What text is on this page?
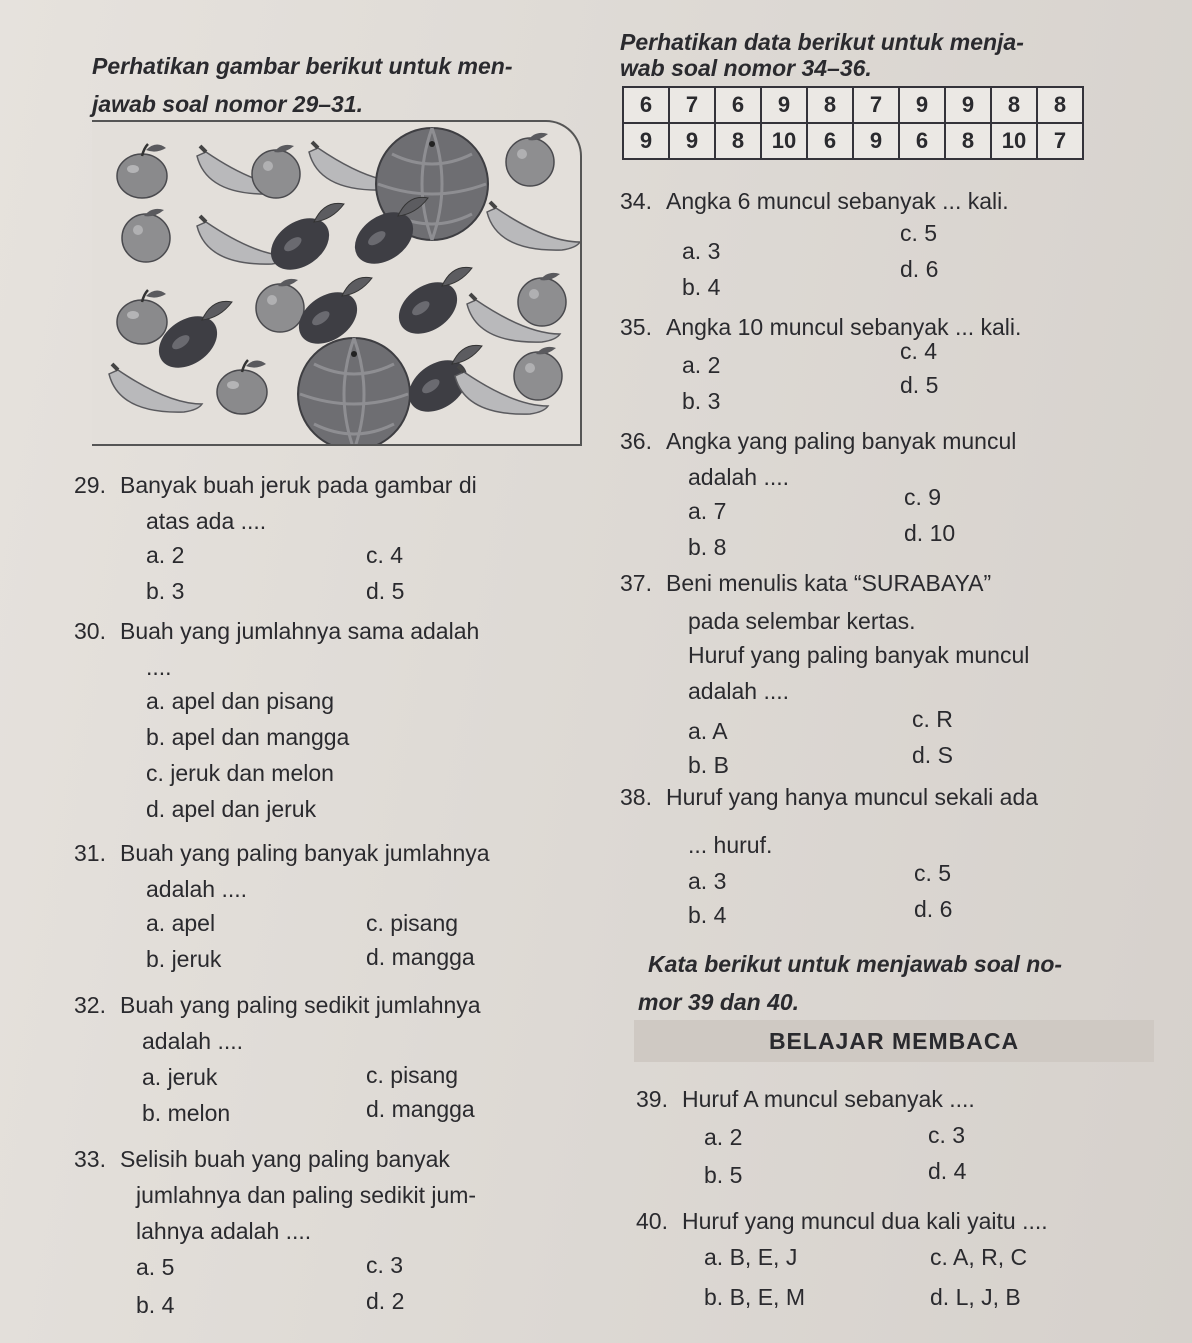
Perhatikan gambar berikut untuk men-
jawab soal nomor 29–31.
Perhatikan data berikut untuk menja-
wab soal nomor 34–36.
6	7	6	9	8	7	9	9	8	8
9	9	8	10	6	9	6	8	10	7
29. Banyak buah jeruk pada gambar di
atas ada ....
a. 2
b. 3
c. 4
d. 5
30. Buah yang jumlahnya sama adalah
....
a. apel dan pisang
b. apel dan mangga
c. jeruk dan melon
d. apel dan jeruk
31. Buah yang paling banyak jumlahnya
adalah ....
a. apel
b. jeruk
c. pisang
d. mangga
32. Buah yang paling sedikit jumlahnya
adalah ....
a. jeruk
b. melon
c. pisang
d. mangga
33. Selisih buah yang paling banyak
jumlahnya dan paling sedikit jum-
lahnya adalah ....
a. 5
b. 4
c. 3
d. 2
34. Angka 6 muncul sebanyak ... kali.
a. 3
b. 4
c. 5
d. 6
35. Angka 10 muncul sebanyak ... kali.
a. 2
b. 3
c. 4
d. 5
36. Angka yang paling banyak muncul
adalah ....
a. 7
b. 8
c. 9
d. 10
37. Beni menulis kata “SURABAYA”
pada selembar kertas.
Huruf yang paling banyak muncul
adalah ....
a. A
b. B
c. R
d. S
38. Huruf yang hanya muncul sekali ada
... huruf.
a. 3
b. 4
c. 5
d. 6
Kata berikut untuk menjawab soal no-
mor 39 dan 40.
BELAJAR MEMBACA
39. Huruf A muncul sebanyak ....
a. 2
b. 5
c. 3
d. 4
40. Huruf yang muncul dua kali yaitu ....
a. B, E, J
b. B, E, M
c. A, R, C
d. L, J, B
